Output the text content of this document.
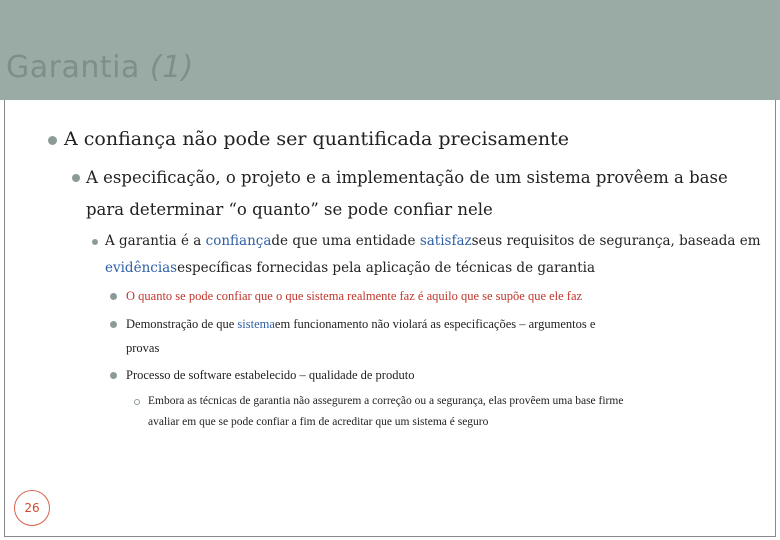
Garantia (1)
A confiança não pode ser quantificada precisamente
A especificação, o projeto e a implementação de um sistema provêem a base
para determinar “o quanto” se pode confiar nele
A garantia é a confiançade que uma entidade satisfazseus requisitos de segurança, baseada em
evidênciasespecíficas fornecidas pela aplicação de técnicas de garantia
O quanto se pode confiar que o que sistema realmente faz é aquilo que se supõe que ele faz
Demonstração de que sistemaem funcionamento não violará as especificações – argumentos e
provas
Processo de software estabelecido – qualidade de produto
Embora as técnicas de garantia não assegurem a correção ou a segurança, elas provêem uma base firme
avaliar em que se pode confiar a fim de acreditar que um sistema é seguro
26
